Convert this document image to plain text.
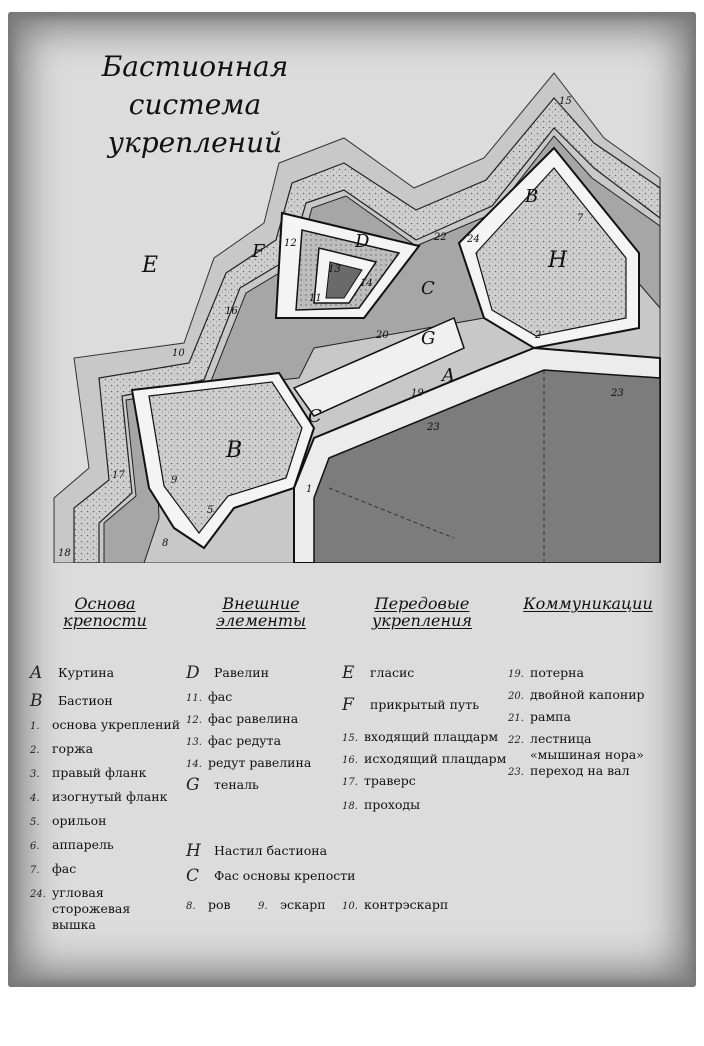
Бастионная
система укреплений
Основа
крепости
A Куртина
B Бастион
1. основа укреплений
2. горжа
3. правый фланк
4. изогнутый фланк
5. орильон
6. аппарель
7. фас
24. угловая сторожевая вышка
Внешние
элементы
D Равелин
11. фас
12. фас равелина
13. фас редута
14. редут равелина
G теналь
Передовые
укрепления
E гласис
F прикрытый путь
15. входящий плацдарм
16. исходящий плацдарм
17. траверс
18. проходы
Коммуникации
19. потерна
20. двойной капонир
21. рампа
22. лестница «мышиная нора»
23. переход на вал
H Настил бастиона
C Фас основы крепости
8. ров	9. эскарп 10. контрэскарп
E
F	D
C
G
A
B
H
C
B
15
7
12
22 24
13
14
11
16
20
10
2
19	23
23
17	9
1
5
8
18
